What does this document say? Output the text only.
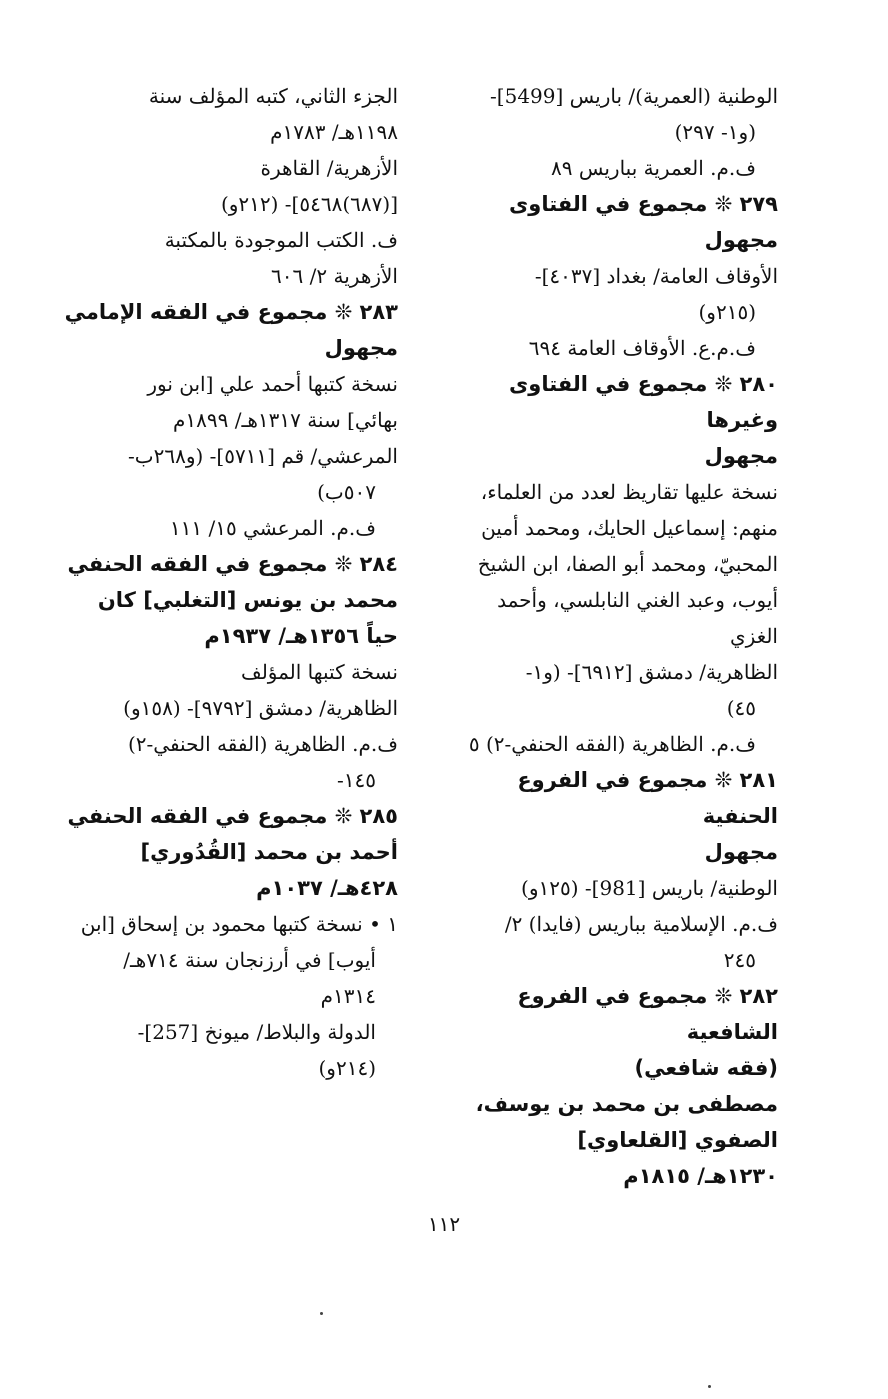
الوطنية (العمرية)/ باريس [5499]-

(و١- ٢٩٧)

ف.م. العمرية بباريس ٨٩

٢٧٩ ❊ مجموع في الفتاوى

مجهول

الأوقاف العامة/ بغداد [٤٠٣٧]-

(٢١٥و)

ف.م.ع. الأوقاف العامة ٦٩٤

٢٨٠ ❊ مجموع في الفتاوى وغيرها

مجهول

نسخة عليها تقاريظ لعدد من العلماء،

منهم: إسماعيل الحايك، ومحمد أمين

المحبيّ، ومحمد أبو الصفا، ابن الشيخ

أيوب، وعبد الغني النابلسي، وأحمد

الغزي

الظاهرية/ دمشق [٦٩١٢]- (و١-

٤٥)

ف.م. الظاهرية (الفقه الحنفي-٢) ٥

٢٨١ ❊ مجموع في الفروع الحنفية

مجهول

الوطنية/ باريس [981]- (١٢٥و)

ف.م. الإسلامية بباريس (فايدا) ٢/

٢٤٥

٢٨٢ ❊ مجموع في الفروع الشافعية

(فقه شافعي)

مصطفى بن محمد بن يوسف،

الصفوي [القلعاوي]

١٢٣٠هـ/ ١٨١٥م

الجزء الثاني، كتبه المؤلف سنة

١١٩٨هـ/ ١٧٨٣م

الأزهرية/ القاهرة

[(٦٨٧)٥٤٦٨]- (٢١٢و)

ف. الكتب الموجودة بالمكتبة

الأزهرية ٢/ ٦٠٦

٢٨٣ ❊ مجموع في الفقه الإمامي

مجهول

نسخة كتبها أحمد علي [ابن نور

بهائي] سنة ١٣١٧هـ/ ١٨٩٩م

المرعشي/ قم [٥٧١١]- (و٢٦٨ب-

٥٠٧ب)

ف.م. المرعشي ١٥/ ١١١

٢٨٤ ❊ مجموع في الفقه الحنفي

محمد بن يونس [التغلبي] كان

حياً ١٣٥٦هـ/ ١٩٣٧م

نسخة كتبها المؤلف

الظاهرية/ دمشق [٩٧٩٢]- (١٥٨و)

ف.م. الظاهرية (الفقه الحنفي-٢)

١٤٥-

٢٨٥ ❊ مجموع في الفقه الحنفي

أحمد بن محمد [القُدُوري]

٤٢٨هـ/ ١٠٣٧م

١ • نسخة كتبها محمود بن إسحاق [ابن

أيوب] في أرزنجان سنة ٧١٤هـ/

١٣١٤م

الدولة والبلاط/ ميونخ [257]-

(٢١٤و)

١١٢
